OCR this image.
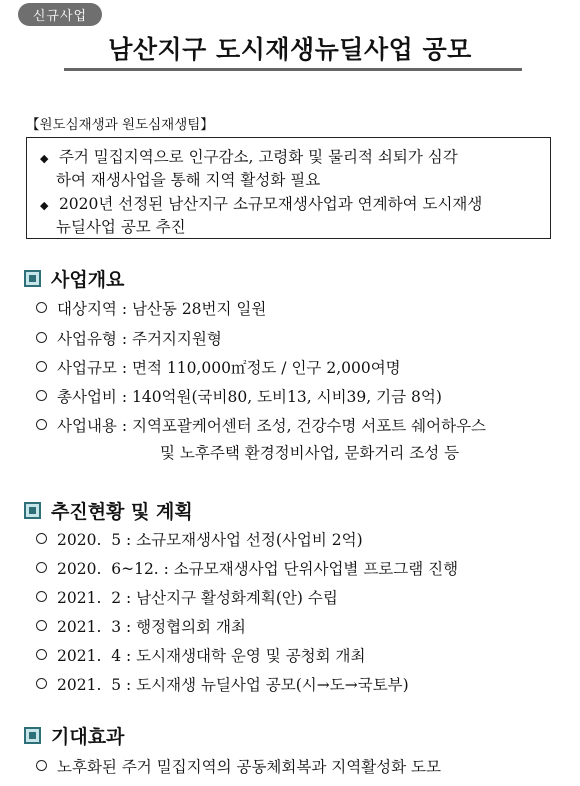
신규사업
남산지구 도시재생뉴딜사업 공모
【원도심재생과 원도심재생팀】
◆ 주거 밀집지역으로 인구감소, 고령화 및 물리적 쇠퇴가 심각
하여 재생사업을 통해 지역 활성화 필요
◆ 2020년 선정된 남산지구 소규모재생사업과 연계하여 도시재생
뉴딜사업 공모 추진
사업개요
대상지역 : 남산동 28번지 일원
사업유형 : 주거지지원형
사업규모 : 면적 110,000㎡정도 / 인구 2,000여명
총사업비 : 140억원(국비80, 도비13, 시비39, 기금 8억)
사업내용 : 지역포괄케어센터 조성, 건강수명 서포트 쉐어하우스
및 노후주택 환경정비사업, 문화거리 조성 등
추진현황 및 계획
2020.  5 : 소규모재생사업 선정(사업비 2억)
2020.  6~12. : 소규모재생사업 단위사업별 프로그램 진행
2021.  2 : 남산지구 활성화계획(안) 수립
2021.  3 : 행정협의회 개최
2021.  4 : 도시재생대학 운영 및 공청회 개최
2021.  5 : 도시재생 뉴딜사업 공모(시→도→국토부)
기대효과
노후화된 주거 밀집지역의 공동체회복과 지역활성화 도모
